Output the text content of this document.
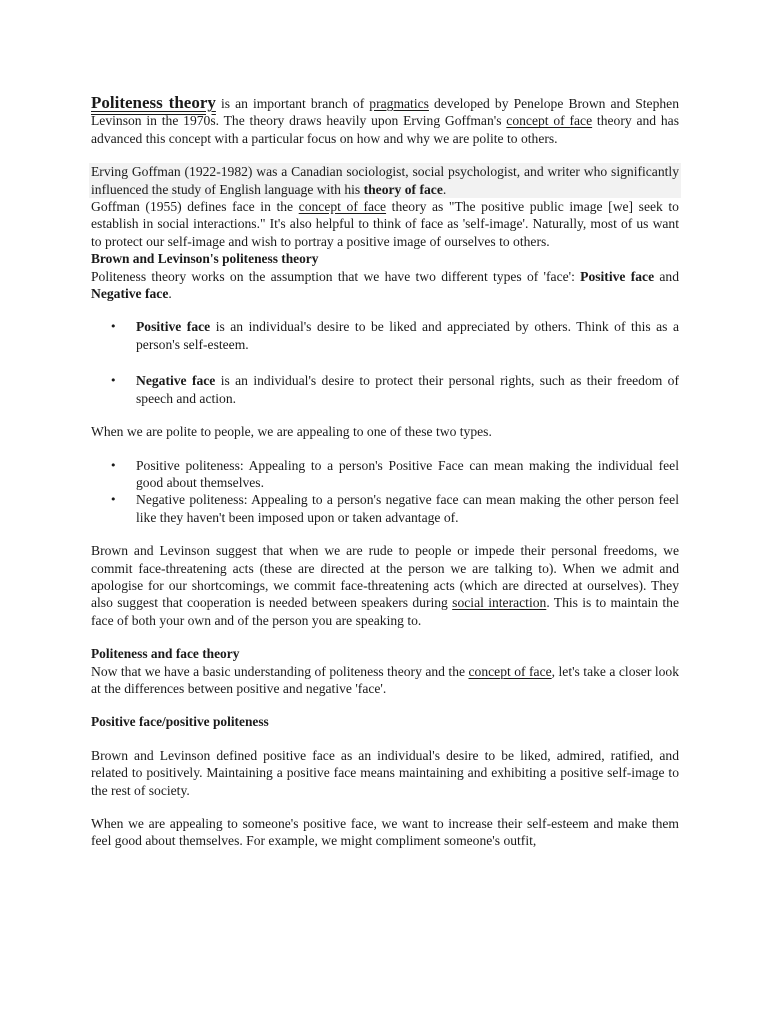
Politeness theory is an important branch of pragmatics developed by Penelope Brown and Stephen Levinson in the 1970s. The theory draws heavily upon Erving Goffman's concept of face theory and has advanced this concept with a particular focus on how and why we are polite to others.

Erving Goffman (1922-1982) was a Canadian sociologist, social psychologist, and writer who significantly influenced the study of English language with his theory of face.

Goffman (1955) defines face in the concept of face theory as "The positive public image [we] seek to establish in social interactions." It's also helpful to think of face as 'self-image'. Naturally, most of us want to protect our self-image and wish to portray a positive image of ourselves to others.

Brown and Levinson's politeness theory

Politeness theory works on the assumption that we have two different types of 'face': Positive face and Negative face.

• Positive face is an individual's desire to be liked and appreciated by others. Think of this as a person's self-esteem.
• Negative face is an individual's desire to protect their personal rights, such as their freedom of speech and action.

When we are polite to people, we are appealing to one of these two types.

• Positive politeness: Appealing to a person's Positive Face can mean making the individual feel good about themselves.
• Negative politeness: Appealing to a person's negative face can mean making the other person feel like they haven't been imposed upon or taken advantage of.

Brown and Levinson suggest that when we are rude to people or impede their personal freedoms, we commit face-threatening acts (these are directed at the person we are talking to). When we admit and apologise for our shortcomings, we commit face-threatening acts (which are directed at ourselves). They also suggest that cooperation is needed between speakers during social interaction. This is to maintain the face of both your own and of the person you are speaking to.

Politeness and face theory

Now that we have a basic understanding of politeness theory and the concept of face, let's take a closer look at the differences between positive and negative 'face'.

Positive face/positive politeness

Brown and Levinson defined positive face as an individual's desire to be liked, admired, ratified, and related to positively. Maintaining a positive face means maintaining and exhibiting a positive self-image to the rest of society.

When we are appealing to someone's positive face, we want to increase their self-esteem and make them feel good about themselves. For example, we might compliment someone's outfit,
